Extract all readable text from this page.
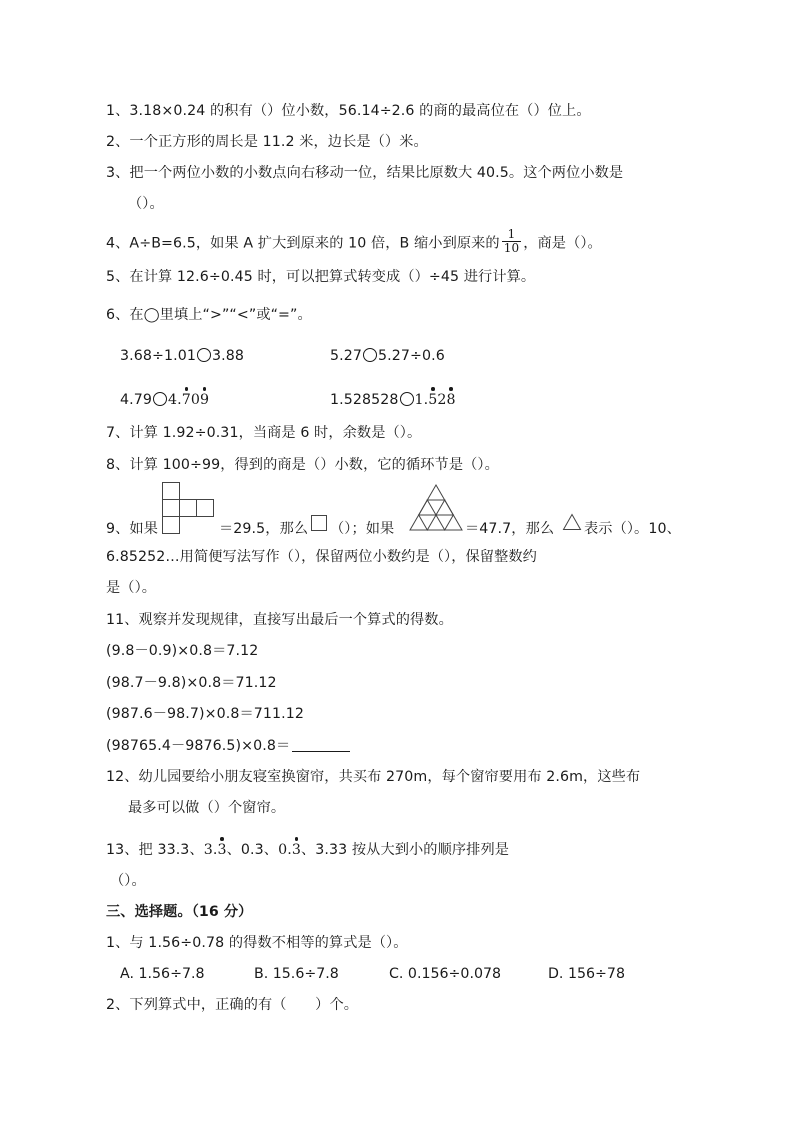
1、3.18×0.24 的积有（）位小数，56.14÷2.6 的商的最高位在（）位上。
2、一个正方形的周长是 11.2 米，边长是（）米。
3、把一个两位小数的小数点向右移动一位，结果比原数大 40.5。这个两位小数是
（）。
4、A÷B=6.5，如果 A 扩大到原来的 10 倍，B 缩小到原来的 $\frac{1}{10}$ ，商是（）。
5、在计算 12.6÷0.45 时，可以把算式转变成（）÷45 进行计算。
6、在◯里填上“>”“<”或“=”。
3.68÷1.01 3.88	5.27 5.27÷0.6
4.79 4.709	1.528528 1.528
7、计算 1.92÷0.31，当商是 6 时，余数是（）。
8、计算 100÷99，得到的商是（）小数，它的循环节是（）。
9、如果	＝29.5，那么 （）；如果	＝47.7，那么 表示（）。10、
6.85252…用简便写法写作（），保留两位小数约是（），保留整数约
是（）。
11、观察并发现规律，直接写出最后一个算式的得数。
(9.8－0.9)×0.8＝7.12
(98.7－9.8)×0.8＝71.12
(987.6－98.7)×0.8＝711.12
(98765.4－9876.5)×0.8＝
12、幼儿园要给小朋友寝室换窗帘，共买布 270m，每个窗帘要用布 2.6m，这些布
最多可以做（）个窗帘。
13、把 33.3、3.3、0.3、0.3、3.33 按从大到小的顺序排列是
（）。
三、选择题。（16 分）
1、与 1.56÷0.78 的得数不相等的算式是（）。
A. 1.56÷7.8	B. 15.6÷7.8	C. 0.156÷0.078	D. 156÷78
2、下列算式中，正确的有（　　）个。
